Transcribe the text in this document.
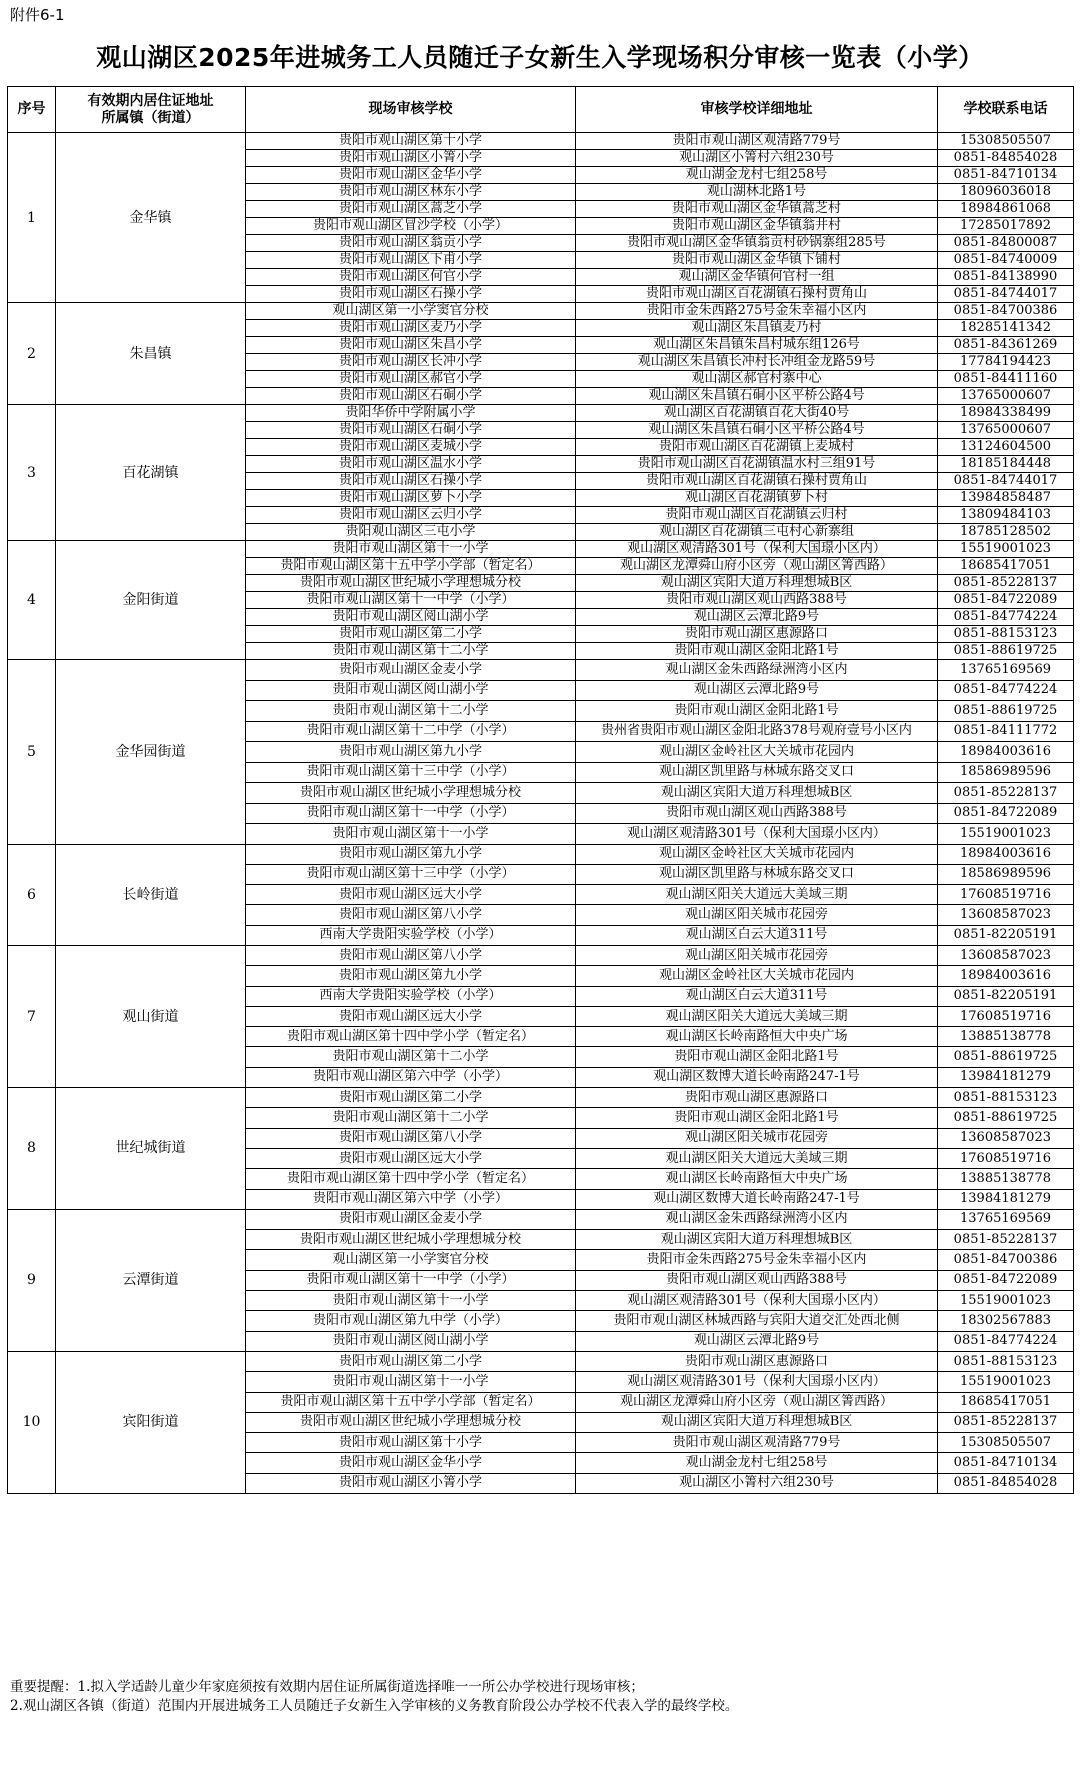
附件6-1
观山湖区2025年进城务工人员随迁子女新生入学现场积分审核一览表（小学）
序号	有效期内居住证地址
所属镇（街道）	现场审核学校	审核学校详细地址	学校联系电话
1	金华镇	贵阳市观山湖区第十小学	贵阳市观山湖区观清路779号	15308505507
		贵阳市观山湖区小箐小学	观山湖区小箐村六组230号	0851-84854028
		贵阳市观山湖区金华小学	观山湖金龙村七组258号	0851-84710134
		贵阳市观山湖区林东小学	观山湖林北路1号	18096036018
		贵阳市观山湖区蒿芝小学	贵阳市观山湖区金华镇蒿芝村	18984861068
		贵阳市观山湖区冒沙学校（小学）	贵阳市观山湖区金华镇翁井村	17285017892
		贵阳市观山湖区翁贡小学	贵阳市观山湖区金华镇翁贡村砂锅寨组285号	0851-84800087
		贵阳市观山湖区下甫小学	贵阳市观山湖区金华镇下铺村	0851-84740009
		贵阳市观山湖区何官小学	观山湖区金华镇何官村一组	0851-84138990
		贵阳市观山湖区石操小学	贵阳市观山湖区百花湖镇石操村贾角山	0851-84744017
2	朱昌镇	观山湖区第一小学窦官分校	贵阳市金朱西路275号金朱幸福小区内	0851-84700386
		贵阳市观山湖区麦乃小学	观山湖区朱昌镇麦乃村	18285141342
		贵阳市观山湖区朱昌小学	观山湖区朱昌镇朱昌村城东组126号	0851-84361269
		贵阳市观山湖区长冲小学	观山湖区朱昌镇长冲村长冲组金龙路59号	17784194423
		贵阳市观山湖区郝官小学	观山湖区郝官村寨中心	0851-84411160
		贵阳市观山湖区石硐小学	观山湖区朱昌镇石硐小区平桥公路4号	13765000607
3	百花湖镇	贵阳华侨中学附属小学	观山湖区百花湖镇百花大街40号	18984338499
		贵阳市观山湖区石硐小学	观山湖区朱昌镇石硐小区平桥公路4号	13765000607
		贵阳市观山湖区麦城小学	贵阳市观山湖区百花湖镇上麦城村	13124604500
		贵阳市观山湖区温水小学	贵阳市观山湖区百花湖镇温水村三组91号	18185184448
		贵阳市观山湖区石操小学	贵阳市观山湖区百花湖镇石操村贾角山	0851-84744017
		贵阳市观山湖区萝卜小学	观山湖区百花湖镇萝卜村	13984858487
		贵阳市观山湖区云归小学	贵阳市观山湖区百花湖镇云归村	13809484103
		贵阳观山湖区三屯小学	观山湖区百花湖镇三屯村心新寨组	18785128502
4	金阳街道	贵阳市观山湖区第十一小学	观山湖区观清路301号（保利大国璟小区内）	15519001023
		贵阳市观山湖区第十五中学小学部（暂定名）	观山湖区龙潭舜山府小区旁（观山湖区箐西路）	18685417051
		贵阳市观山湖区世纪城小学理想城分校	观山湖区宾阳大道万科理想城B区	0851-85228137
		贵阳市观山湖区第十一中学（小学）	贵阳市观山湖区观山西路388号	0851-84722089
		贵阳市观山湖区阅山湖小学	观山湖区云潭北路9号	0851-84774224
		贵阳市观山湖区第二小学	贵阳市观山湖区惠源路口	0851-88153123
		贵阳市观山湖区第十二小学	贵阳市观山湖区金阳北路1号	0851-88619725
5	金华园街道	贵阳市观山湖区金麦小学	观山湖区金朱西路绿洲湾小区内	13765169569
		贵阳市观山湖区阅山湖小学	观山湖区云潭北路9号	0851-84774224
		贵阳市观山湖区第十二小学	贵阳市观山湖区金阳北路1号	0851-88619725
		贵阳市观山湖区第十二中学（小学）	贵州省贵阳市观山湖区金阳北路378号观府壹号小区内	0851-84111772
		贵阳市观山湖区第九小学	观山湖区金岭社区大关城市花园内	18984003616
		贵阳市观山湖区第十三中学（小学）	观山湖区凯里路与林城东路交叉口	18586989596
		贵阳市观山湖区世纪城小学理想城分校	观山湖区宾阳大道万科理想城B区	0851-85228137
		贵阳市观山湖区第十一中学（小学）	贵阳市观山湖区观山西路388号	0851-84722089
		贵阳市观山湖区第十一小学	观山湖区观清路301号（保利大国璟小区内）	15519001023
6	长岭街道	贵阳市观山湖区第九小学	观山湖区金岭社区大关城市花园内	18984003616
		贵阳市观山湖区第十三中学（小学）	观山湖区凯里路与林城东路交叉口	18586989596
		贵阳市观山湖区远大小学	观山湖区阳关大道远大美域三期	17608519716
		贵阳市观山湖区第八小学	观山湖区阳关城市花园旁	13608587023
		西南大学贵阳实验学校（小学）	观山湖区白云大道311号	0851-82205191
7	观山街道	贵阳市观山湖区第八小学	观山湖区阳关城市花园旁	13608587023
		贵阳市观山湖区第九小学	观山湖区金岭社区大关城市花园内	18984003616
		西南大学贵阳实验学校（小学）	观山湖区白云大道311号	0851-82205191
		贵阳市观山湖区远大小学	观山湖区阳关大道远大美域三期	17608519716
		贵阳市观山湖区第十四中学小学（暂定名）	观山湖区长岭南路恒大中央广场	13885138778
		贵阳市观山湖区第十二小学	贵阳市观山湖区金阳北路1号	0851-88619725
		贵阳市观山湖区第六中学（小学）	观山湖区数博大道长岭南路247-1号	13984181279
8	世纪城街道	贵阳市观山湖区第二小学	贵阳市观山湖区惠源路口	0851-88153123
		贵阳市观山湖区第十二小学	贵阳市观山湖区金阳北路1号	0851-88619725
		贵阳市观山湖区第八小学	观山湖区阳关城市花园旁	13608587023
		贵阳市观山湖区远大小学	观山湖区阳关大道远大美域三期	17608519716
		贵阳市观山湖区第十四中学小学（暂定名）	观山湖区长岭南路恒大中央广场	13885138778
		贵阳市观山湖区第六中学（小学）	观山湖区数博大道长岭南路247-1号	13984181279
9	云潭街道	贵阳市观山湖区金麦小学	观山湖区金朱西路绿洲湾小区内	13765169569
		贵阳市观山湖区世纪城小学理想城分校	观山湖区宾阳大道万科理想城B区	0851-85228137
		观山湖区第一小学窦官分校	贵阳市金朱西路275号金朱幸福小区内	0851-84700386
		贵阳市观山湖区第十一中学（小学）	贵阳市观山湖区观山西路388号	0851-84722089
		贵阳市观山湖区第十一小学	观山湖区观清路301号（保利大国璟小区内）	15519001023
		贵阳市观山湖区第九中学（小学）	贵阳市观山湖区林城西路与宾阳大道交汇处西北侧	18302567883
		贵阳市观山湖区阅山湖小学	观山湖区云潭北路9号	0851-84774224
10	宾阳街道	贵阳市观山湖区第二小学	贵阳市观山湖区惠源路口	0851-88153123
		贵阳市观山湖区第十一小学	观山湖区观清路301号（保利大国璟小区内）	15519001023
		贵阳市观山湖区第十五中学小学部（暂定名）	观山湖区龙潭舜山府小区旁（观山湖区箐西路）	18685417051
		贵阳市观山湖区世纪城小学理想城分校	观山湖区宾阳大道万科理想城B区	0851-85228137
		贵阳市观山湖区第十小学	贵阳市观山湖区观清路779号	15308505507
		贵阳市观山湖区金华小学	观山湖金龙村七组258号	0851-84710134
		贵阳市观山湖区小箐小学	观山湖区小箐村六组230号	0851-84854028
重要提醒：1.拟入学适龄儿童少年家庭须按有效期内居住证所属街道选择唯一一所公办学校进行现场审核；
2.观山湖区各镇（街道）范围内开展进城务工人员随迁子女新生入学审核的义务教育阶段公办学校不代表入学的最终学校。
